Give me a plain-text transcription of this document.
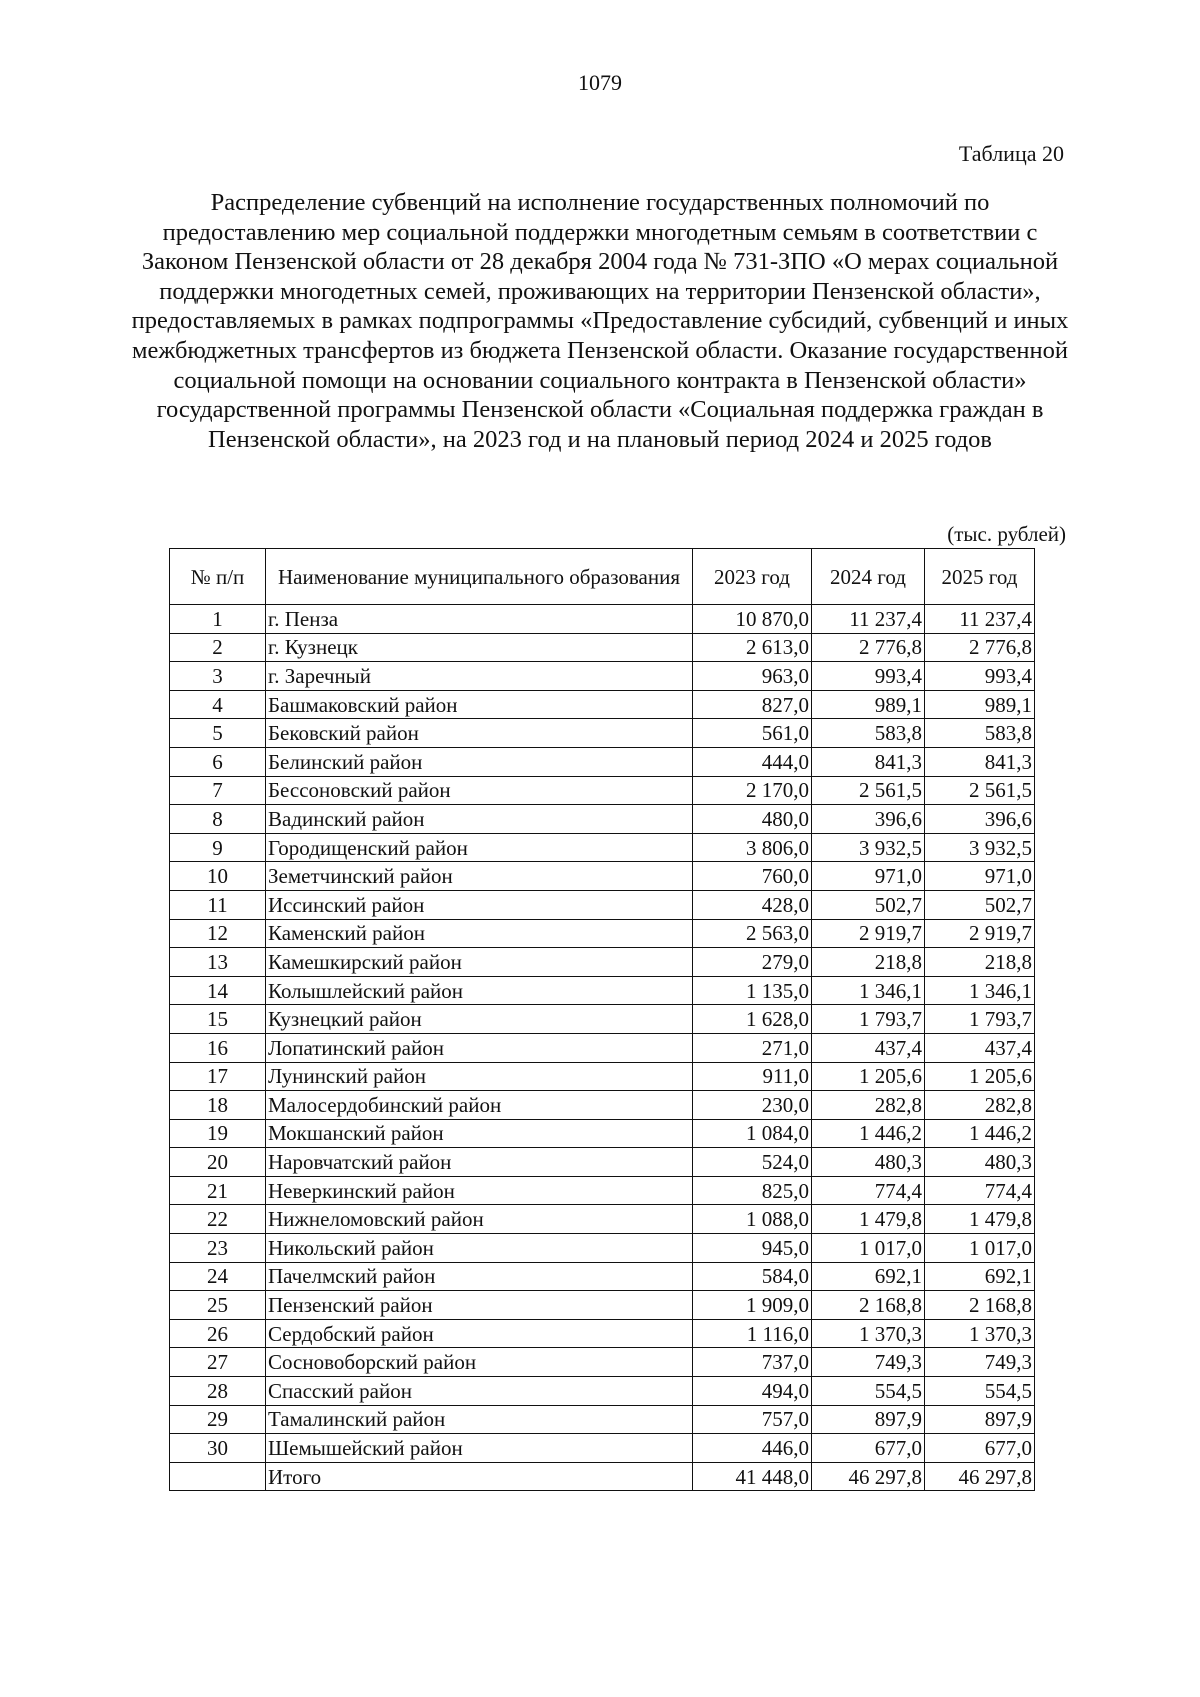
1079
Таблица 20
Распределение субвенций на исполнение государственных полномочий по предоставлению мер социальной поддержки многодетным семьям в соответствии с Законом Пензенской области от 28 декабря 2004 года № 731-ЗПО «О мерах социальной поддержки многодетных семей, проживающих на территории Пензенской области», предоставляемых в рамках подпрограммы «Предоставление субсидий, субвенций и иных межбюджетных трансфертов из бюджета Пензенской области. Оказание государственной социальной помощи на основании социального контракта в Пензенской области» государственной программы Пензенской области «Социальная поддержка граждан в Пензенской области», на 2023 год и на плановый период 2024 и 2025 годов
(тыс. рублей)
№ п/п	Наименование муниципального образования	2023 год	2024 год	2025 год
1	г. Пенза	10 870,0	11 237,4	11 237,4
2	г. Кузнецк	2 613,0	2 776,8	2 776,8
3	г. Заречный	963,0	993,4	993,4
4	Башмаковский район	827,0	989,1	989,1
5	Бековский район	561,0	583,8	583,8
6	Белинский район	444,0	841,3	841,3
7	Бессоновский район	2 170,0	2 561,5	2 561,5
8	Вадинский район	480,0	396,6	396,6
9	Городищенский район	3 806,0	3 932,5	3 932,5
10	Земетчинский район	760,0	971,0	971,0
11	Иссинский район	428,0	502,7	502,7
12	Каменский район	2 563,0	2 919,7	2 919,7
13	Камешкирский район	279,0	218,8	218,8
14	Колышлейский район	1 135,0	1 346,1	1 346,1
15	Кузнецкий район	1 628,0	1 793,7	1 793,7
16	Лопатинский район	271,0	437,4	437,4
17	Лунинский район	911,0	1 205,6	1 205,6
18	Малосердобинский район	230,0	282,8	282,8
19	Мокшанский район	1 084,0	1 446,2	1 446,2
20	Наровчатский район	524,0	480,3	480,3
21	Неверкинский район	825,0	774,4	774,4
22	Нижнеломовский район	1 088,0	1 479,8	1 479,8
23	Никольский район	945,0	1 017,0	1 017,0
24	Пачелмский район	584,0	692,1	692,1
25	Пензенский район	1 909,0	2 168,8	2 168,8
26	Сердобский район	1 116,0	1 370,3	1 370,3
27	Сосновоборский район	737,0	749,3	749,3
28	Спасский район	494,0	554,5	554,5
29	Тамалинский район	757,0	897,9	897,9
30	Шемышейский район	446,0	677,0	677,0
	Итого	41 448,0	46 297,8	46 297,8
